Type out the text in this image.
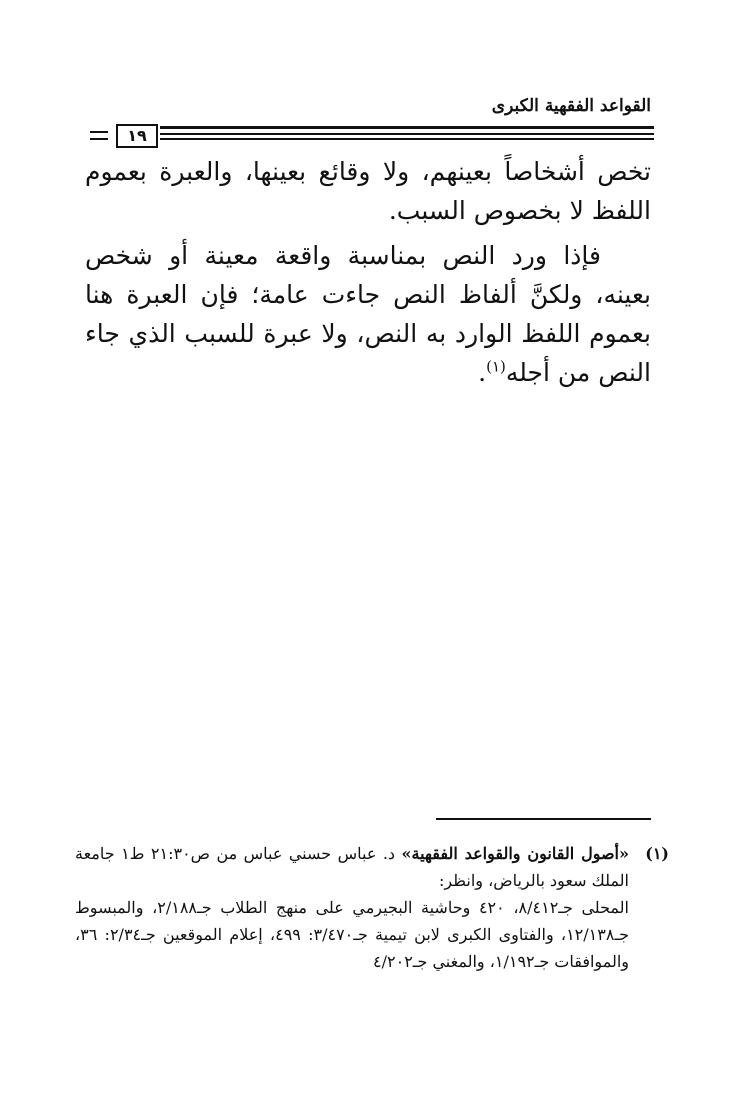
القواعد الفقهية الكبرى
١٩

تخص أشخاصاً بعينهم، ولا وقائع بعينها، والعبرة بعموم اللفظ لا بخصوص السبب.

فإذا ورد النص بمناسبة واقعة معينة أو شخص بعينه، ولكنَّ ألفاظ النص جاءت عامة؛ فإن العبرة هنا بعموم اللفظ الوارد به النص، ولا عبرة للسبب الذي جاء النص من أجله$^{(١)}$.

(١)
«أصول القانون والقواعد الفقهية» د. عباس حسني عباس من ص٢١:٣٠ ط١ جامعة الملك سعود بالرياض، وانظر:
المحلى جـ٨/٤١٢، ٤٢٠ وحاشية البجيرمي على منهج الطلاب جـ٢/١٨٨، والمبسوط جـ١٢/١٣٨، والفتاوى الكبرى لابن تيمية جـ٣/٤٧٠: ٤٩٩، إعلام الموقعين جـ٢/٣٤: ٣٦، والموافقات جـ١/١٩٢، والمغني جـ٤/٢٠٢
